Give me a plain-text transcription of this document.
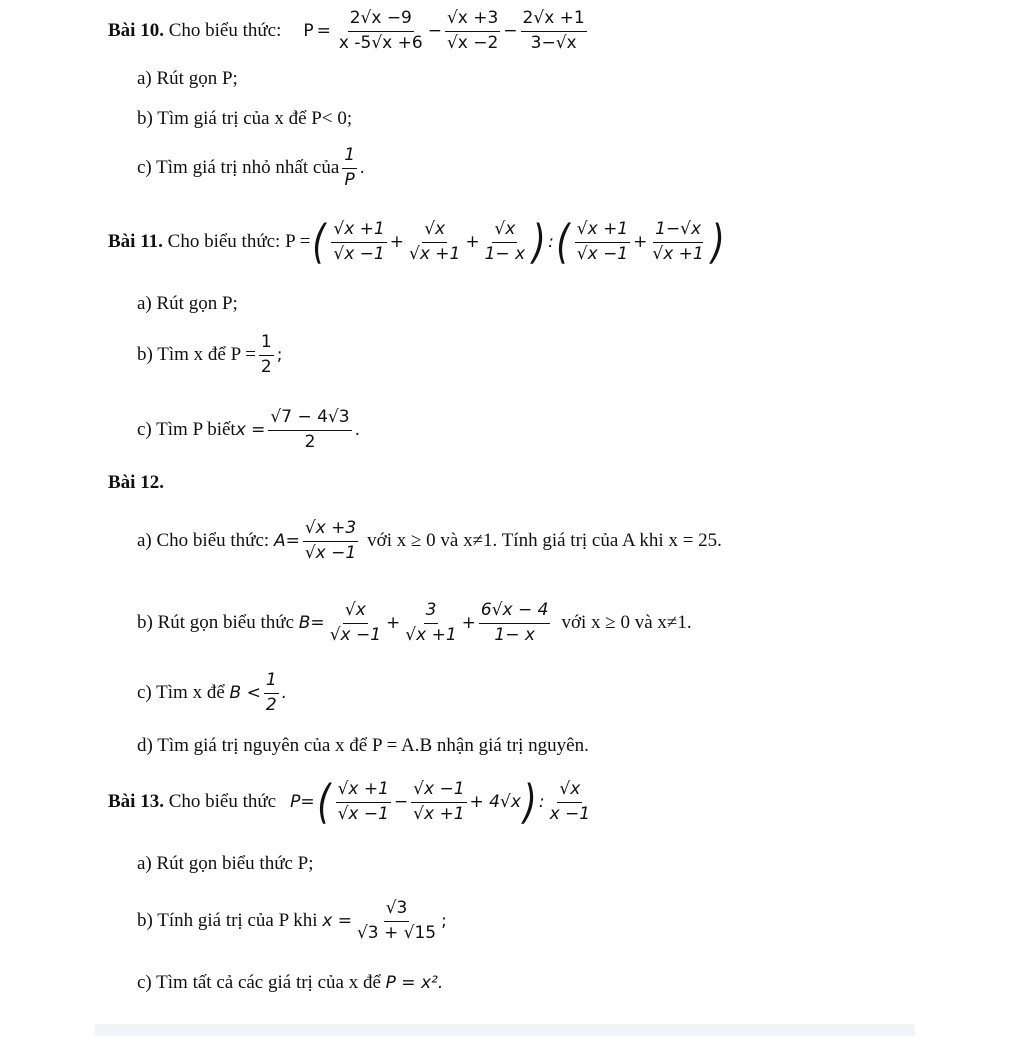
Bài 10.
Cho biểu thức: $P = \frac{2√x -9}{x -5√x +6} - \frac{√x +3}{√x -2} - \frac{2√x +1}{3-√x}$
a) Rút gọn P;
b) Tìm giá trị của x để P< 0;
c) Tìm giá trị nhỏ nhất của $\frac{1}{P}$ .
Bài 11.
Cho biểu thức: P = ( $\frac{√x +1}{√x -1} + \frac{√x}{√x +1} + \frac{√x}{1- x}$ ) : ( $\frac{√x +1}{√x -1} + \frac{1-√x}{√x +1}$ )
a) Rút gọn P;
b) Tìm x để $P = \frac{1}{2}$ ;
c) Tìm P biết $x = \frac{√7 - 4√3}{2}$ .
Bài 12.
a) Cho biểu thức:
$A= \frac{√x +3}{√x -1}$ với x ≥ 0 và x≠1. Tính giá trị của A khi x = 25.
b) Rút gọn biểu thức
$B= \frac{√x}{√x -1} + \frac{3}{√x +1} + \frac{6√x - 4}{1- x}$ với x ≥ 0 và x≠1.
c) Tìm x để
$B < \frac{1}{2}$ .
d) Tìm giá trị nguyên của x để P = A.B nhận giá trị nguyên.
Bài 13.
Cho biểu thức P= ( $\frac{√x +1}{√x -1} - \frac{√x -1}{√x +1} + 4√x$ ) : $\frac{√x}{x -1}$
a) Rút gọn biểu thức P;
b) Tính giá trị của P khi
$x = \frac{√3}{√3 + √15}$ ;
c) Tìm tất cả các giá trị của x để
P = x².
